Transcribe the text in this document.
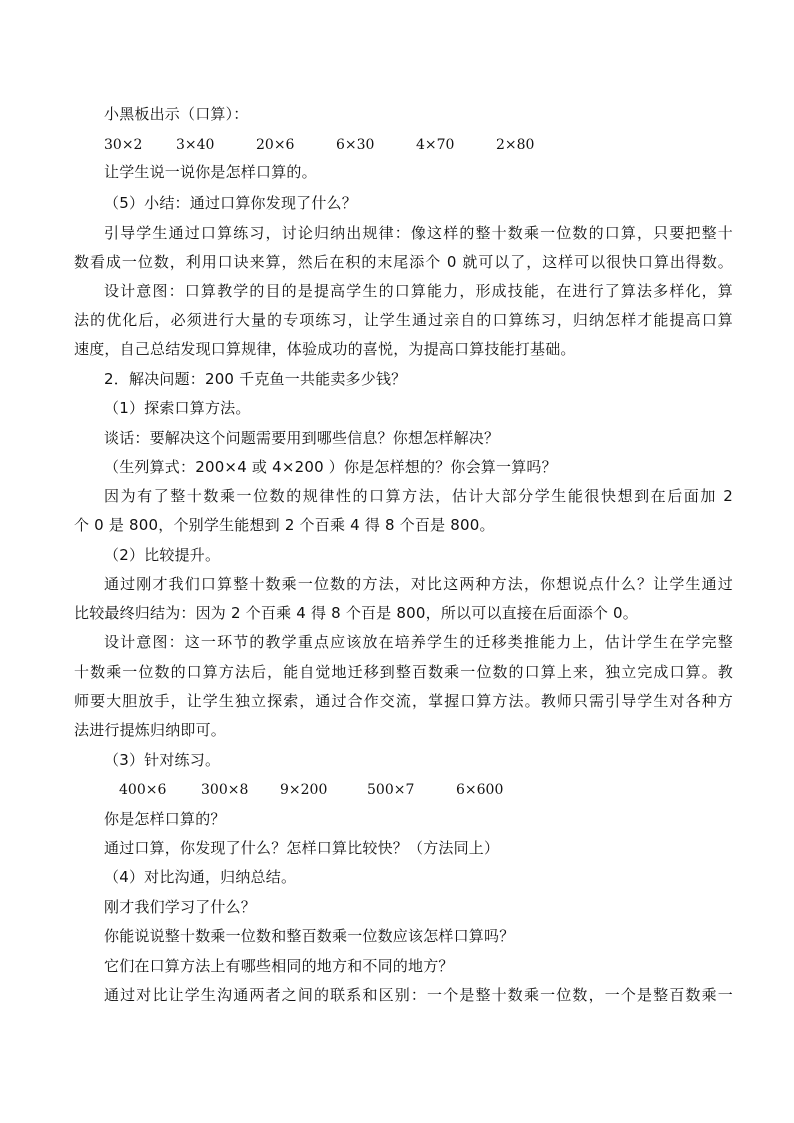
小黑板出示（口算）：
30×2 3×40	20×6	6×30	4×70	2×80
让学生说一说你是怎样口算的。
（5）小结：通过口算你发现了什么？
引导学生通过口算练习，讨论归纳出规律：像这样的整十数乘一位数的口算，只要把整十
数看成一位数，利用口诀来算，然后在积的末尾添个 0 就可以了，这样可以很快口算出得数。
设计意图：口算教学的目的是提高学生的口算能力，形成技能，在进行了算法多样化，算
法的优化后，必须进行大量的专项练习，让学生通过亲自的口算练习，归纳怎样才能提高口算
速度，自己总结发现口算规律，体验成功的喜悦，为提高口算技能打基础。
2．解决问题：200 千克鱼一共能卖多少钱？
（1）探索口算方法。
谈话：要解决这个问题需要用到哪些信息？你想怎样解决？
（生列算式：200×4 或 4×200 ）你是怎样想的？你会算一算吗？
因为有了整十数乘一位数的规律性的口算方法，估计大部分学生能很快想到在后面加 2
个 0 是 800，个别学生能想到 2 个百乘 4 得 8 个百是 800。
（2）比较提升。
通过刚才我们口算整十数乘一位数的方法，对比这两种方法，你想说点什么？让学生通过
比较最终归结为：因为 2 个百乘 4 得 8 个百是 800，所以可以直接在后面添个 0。
设计意图：这一环节的教学重点应该放在培养学生的迁移类推能力上，估计学生在学完整
十数乘一位数的口算方法后，能自觉地迁移到整百数乘一位数的口算上来，独立完成口算。教
师要大胆放手，让学生独立探索，通过合作交流，掌握口算方法。教师只需引导学生对各种方
法进行提炼归纳即可。
（3）针对练习。
400×6 300×8 9×200	500×7	6×600
你是怎样口算的？
通过口算，你发现了什么？怎样口算比较快？（方法同上）
（4）对比沟通，归纳总结。
刚才我们学习了什么？
你能说说整十数乘一位数和整百数乘一位数应该怎样口算吗？
它们在口算方法上有哪些相同的地方和不同的地方？
通过对比让学生沟通两者之间的联系和区别：一个是整十数乘一位数，一个是整百数乘一
